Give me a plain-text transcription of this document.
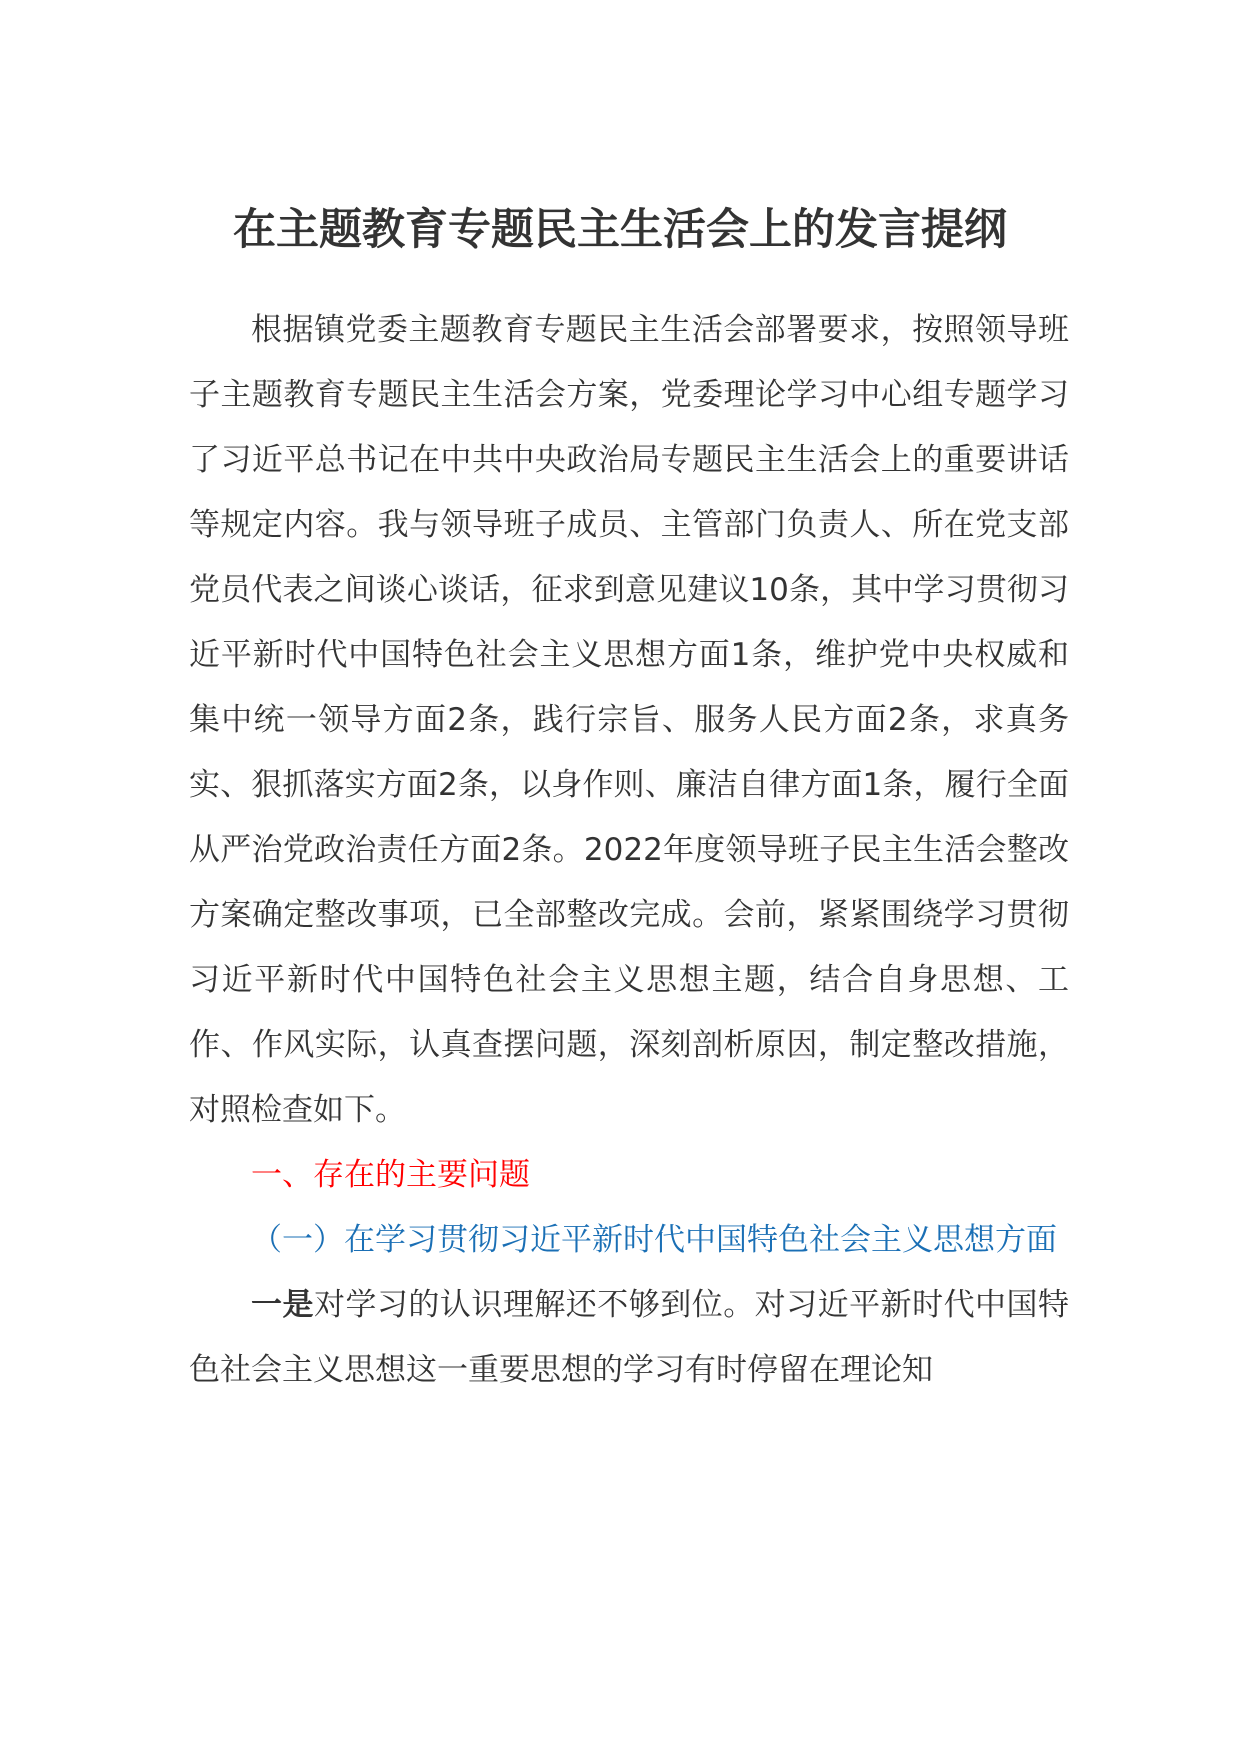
在主题教育专题民主生活会上的发言提纲

根据镇党委主题教育专题民主生活会部署要求，按照领导班子主题教育专题民主生活会方案，党委理论学习中心组专题学习了习近平总书记在中共中央政治局专题民主生活会上的重要讲话等规定内容。我与领导班子成员、主管部门负责人、所在党支部党员代表之间谈心谈话，征求到意见建议10条，其中学习贯彻习近平新时代中国特色社会主义思想方面1条，维护党中央权威和集中统一领导方面2条，践行宗旨、服务人民方面2条，求真务实、狠抓落实方面2条，以身作则、廉洁自律方面1条，履行全面从严治党政治责任方面2条。2022年度领导班子民主生活会整改方案确定整改事项，已全部整改完成。会前，紧紧围绕学习贯彻习近平新时代中国特色社会主义思想主题，结合自身思想、工作、作风实际，认真查摆问题，深刻剖析原因，制定整改措施，对照检查如下。

一、存在的主要问题

（一）在学习贯彻习近平新时代中国特色社会主义思想方面

一是对学习的认识理解还不够到位。对习近平新时代中国特色社会主义思想这一重要思想的学习有时停留在理论知
